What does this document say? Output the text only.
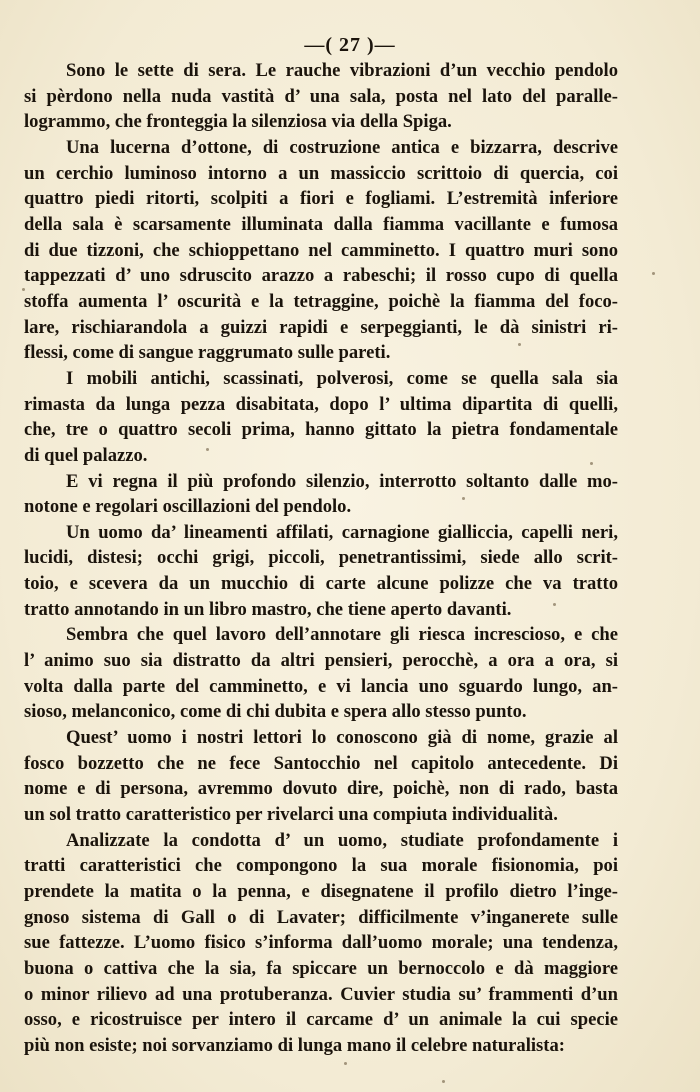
—( 27 )—

Sono le sette di sera. Le rauche vibrazioni d’un vecchio pendolo
si pèrdono nella nuda vastità d’ una sala, posta nel lato del paralle-
logrammo, che fronteggia la silenziosa via della Spiga.

Una lucerna d’ottone, di costruzione antica e bizzarra, descrive
un cerchio luminoso intorno a un massiccio scrittoio di quercia, coi
quattro piedi ritorti, scolpiti a fiori e fogliami. L’estremità inferiore
della sala è scarsamente illuminata dalla fiamma vacillante e fumosa
di due tizzoni, che schioppettano nel camminetto. I quattro muri sono
tappezzati d’ uno sdruscito arazzo a rabeschi; il rosso cupo di quella
stoffa aumenta l’ oscurità e la tetraggine, poichè la fiamma del foco-
lare, rischiarandola a guizzi rapidi e serpeggianti, le dà sinistri ri-
flessi, come di sangue raggrumato sulle pareti.

I mobili antichi, scassinati, polverosi, come se quella sala sia
rimasta da lunga pezza disabitata, dopo l’ ultima dipartita di quelli,
che, tre o quattro secoli prima, hanno gittato la pietra fondamentale
di quel palazzo.

E vi regna il più profondo silenzio, interrotto soltanto dalle mo-
notone e regolari oscillazioni del pendolo.

Un uomo da’ lineamenti affilati, carnagione gialliccia, capelli neri,
lucidi, distesi; occhi grigi, piccoli, penetrantissimi, siede allo scrit-
toio, e scevera da un mucchio di carte alcune polizze che va tratto
tratto annotando in un libro mastro, che tiene aperto davanti.

Sembra che quel lavoro dell’annotare gli riesca increscioso, e che
l’ animo suo sia distratto da altri pensieri, perocchè, a ora a ora, si
volta dalla parte del camminetto, e vi lancia uno sguardo lungo, an-
sioso, melanconico, come di chi dubita e spera allo stesso punto.

Quest’ uomo i nostri lettori lo conoscono già di nome, grazie al
fosco bozzetto che ne fece Santocchio nel capitolo antecedente. Di
nome e di persona, avremmo dovuto dire, poichè, non di rado, basta
un sol tratto caratteristico per rivelarci una compiuta individualità.

Analizzate la condotta d’ un uomo, studiate profondamente i
tratti caratteristici che compongono la sua morale fisionomia, poi
prendete la matita o la penna, e disegnatene il profilo dietro l’inge-
gnoso sistema di Gall o di Lavater; difficilmente v’inganerete sulle
sue fattezze. L’uomo fisico s’informa dall’uomo morale; una tendenza,
buona o cattiva che la sia, fa spiccare un bernoccolo e dà maggiore
o minor rilievo ad una protuberanza. Cuvier studia su’ frammenti d’un
osso, e ricostruisce per intero il carcame d’ un animale la cui specie
più non esiste; noi sorvanziamo di lunga mano il celebre naturalista:
